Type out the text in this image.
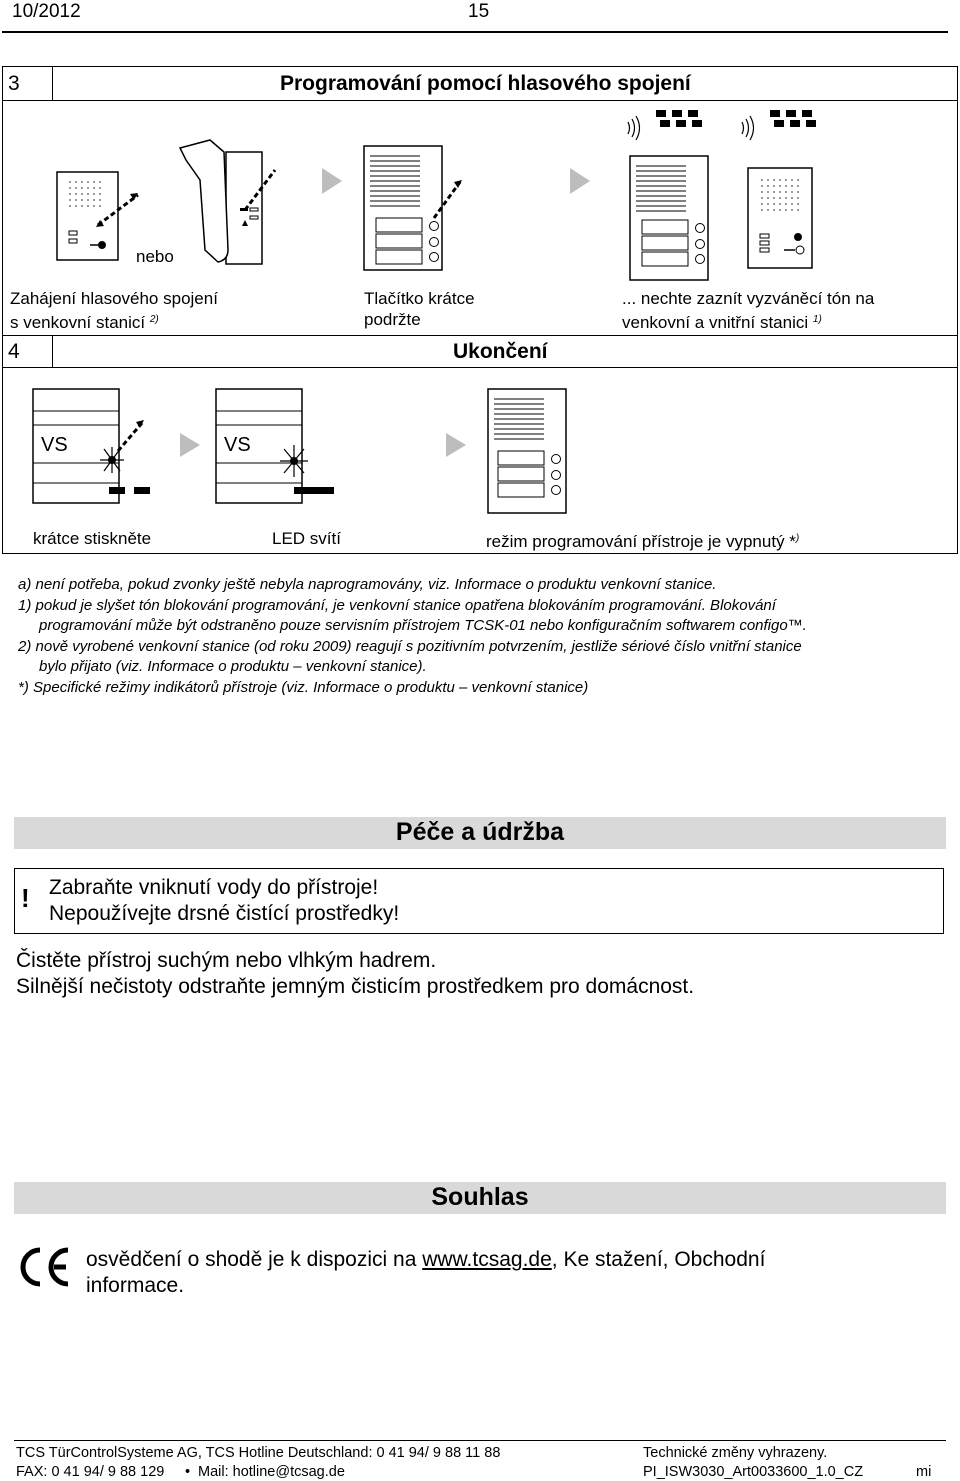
10/2012	15
3	Programování pomocí hlasového spojení
nebo
Zahájení hlasového spojení
s venkovní stanicí $^{2)}$
Tlačítko krátce
podržte
... nechte zaznít vyzváněcí tón na
venkovní a vnitřní stanici $^{1)}$
4	Ukončení
VS	VS
krátce stiskněte	LED svítí	režim programování přístroje je vypnutý *)
a) není potřeba, pokud zvonky ještě nebyla naprogramovány, viz. Informace o produktu venkovní stanice.
1) pokud je slyšet tón blokování programování, je venkovní stanice opatřena blokováním programování. Blokování
programování může být odstraněno pouze servisním přístrojem TCSK-01 nebo konfiguračním softwarem configo™.
2) nově vyrobené venkovní stanice (od roku 2009) reagují s pozitivním potvrzením, jestliže sériové číslo vnitřní stanice
bylo přijato (viz. Informace o produktu – venkovní stanice).
*) Specifické režimy indikátorů přístroje (viz. Informace o produktu – venkovní stanice)
Péče a údržba
! Zabraňte vniknutí vody do přístroje!
Nepoužívejte drsné čistící prostředky!
Čistěte přístroj suchým nebo vlhkým hadrem.
Silnější nečistoty odstraňte jemným čisticím prostředkem pro domácnost.
Souhlas
osvědčení o shodě je k dispozici na www.tcsag.de, Ke stažení, Obchodní
informace.
TCS TürControlSysteme AG, TCS Hotline Deutschland: 0 41 94/ 9 88 11 88	Technické změny vyhrazeny.
FAX: 0 41 94/ 9 88 129 • Mail: hotline@tcsag.de	PI_ISW3030_Art0033600_1.0_CZ	mi
